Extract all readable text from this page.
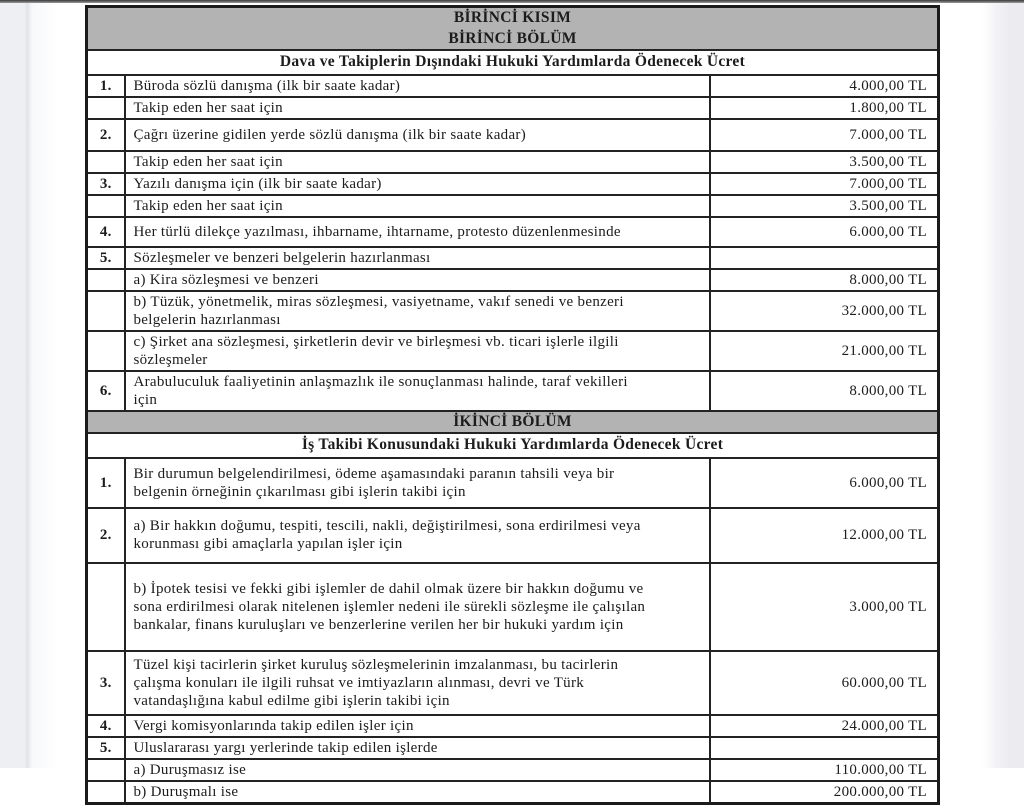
BİRİNCİ KISIM		
BİRİNCİ BÖLÜM		
Dava ve Takiplerin Dışındaki Hukuki Yardımlarda Ödenecek Ücret		
1.	Büroda sözlü danışma (ilk bir saate kadar)	4.000,00 TL
	Takip eden her saat için	1.800,00 TL
2.	Çağrı üzerine gidilen yerde sözlü danışma (ilk bir saate kadar)	7.000,00 TL
	Takip eden her saat için	3.500,00 TL
3.	Yazılı danışma için (ilk bir saate kadar)	7.000,00 TL
	Takip eden her saat için	3.500,00 TL
4.	Her türlü dilekçe yazılması, ihbarname, ihtarname, protesto düzenlenmesinde	6.000,00 TL
5.	Sözleşmeler ve benzeri belgelerin hazırlanması	
	a) Kira sözleşmesi ve benzeri	8.000,00 TL
	b) Tüzük, yönetmelik, miras sözleşmesi, vasiyetname, vakıf senedi ve benzeri belgelerin hazırlanması	32.000,00 TL
	c) Şirket ana sözleşmesi, şirketlerin devir ve birleşmesi vb. ticari işlerle ilgili sözleşmeler	21.000,00 TL
6.	Arabuluculuk faaliyetinin anlaşmazlık ile sonuçlanması halinde, taraf vekilleri için	8.000,00 TL
İKİNCİ BÖLÜM		
İş Takibi Konusundaki Hukuki Yardımlarda Ödenecek Ücret		
1.	Bir durumun belgelendirilmesi, ödeme aşamasındaki paranın tahsili veya bir belgenin örneğinin çıkarılması gibi işlerin takibi için	6.000,00 TL
2.	a) Bir hakkın doğumu, tespiti, tescili, nakli, değiştirilmesi, sona erdirilmesi veya korunması gibi amaçlarla yapılan işler için	12.000,00 TL
	b) İpotek tesisi ve fekki gibi işlemler de dahil olmak üzere bir hakkın doğumu ve sona erdirilmesi olarak nitelenen işlemler nedeni ile sürekli sözleşme ile çalışılan bankalar, finans kuruluşları ve benzerlerine verilen her bir hukuki yardım için	3.000,00 TL
3.	Tüzel kişi tacirlerin şirket kuruluş sözleşmelerinin imzalanması, bu tacirlerin çalışma konuları ile ilgili ruhsat ve imtiyazların alınması, devri ve Türk vatandaşlığına kabul edilme gibi işlerin takibi için	60.000,00 TL
4.	Vergi komisyonlarında takip edilen işler için	24.000,00 TL
5.	Uluslararası yargı yerlerinde takip edilen işlerde	
	a) Duruşmasız ise	110.000,00 TL
	b) Duruşmalı ise	200.000,00 TL
